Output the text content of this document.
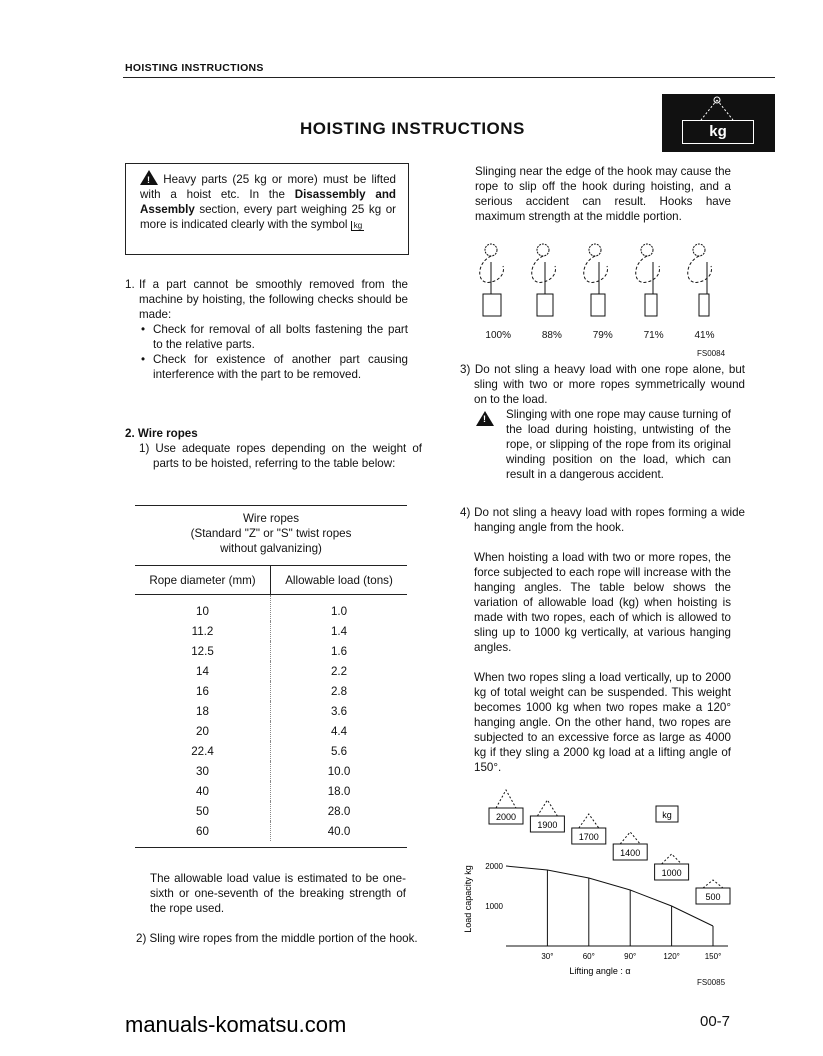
HOISTING INSTRUCTIONS
HOISTING INSTRUCTIONS	kg
! Heavy parts (25 kg or more) must be lifted with a hoist etc. In the Disassembly and Assembly section, every part weighing 25 kg or more is indicated clearly with the symbol kg
1. If a part cannot be smoothly removed from the machine by hoisting, the following checks should be made:
• Check for removal of all bolts fastening the part to the relative parts.
• Check for existence of another part causing interference with the part to be removed.
2. Wire ropes
1) Use adequate ropes depending on the weight of parts to be hoisted, referring to the table below:
Wire ropes
(Standard "Z" or "S" twist ropes
without galvanizing)
Rope diameter (mm)	Allowable load (tons)
10	1.0
11.2	1.4
12.5	1.6
14	2.2
16	2.8
18	3.6
20	4.4
22.4	5.6
30	10.0
40	18.0
50	28.0
60	40.0
The allowable load value is estimated to be one-sixth or one-seventh of the breaking strength of the rope used.
2) Sling wire ropes from the middle portion of the hook.
Slinging near the edge of the hook may cause the rope to slip off the hook during hoisting, and a serious accident can result. Hooks have maximum strength at the middle portion.
100%	88%	79%	71%	41%
FS0084
3) Do not sling a heavy load with one rope alone, but sling with two or more ropes symmetrically wound on to the load.
!
Slinging with one rope may cause turning of the load during hoisting, untwisting of the rope, or slipping of the rope from its original winding position on the load, which can result in a dangerous accident.
4) Do not sling a heavy load with ropes forming a wide hanging angle from the hook.
When hoisting a load with two or more ropes, the force subjected to each rope will increase with the hanging angles. The table below shows the variation of allowable load (kg) when hoisting is made with two ropes, each of which is allowed to sling up to 1000 kg vertically, at various hanging angles.
When two ropes sling a load vertically, up to 2000 kg of total weight can be suspended. This weight becomes 1000 kg when two ropes make a 120° hanging angle. On the other hand, two ropes are subjected to an excessive force as large as 4000 kg if they sling a 2000 kg load at a lifting angle of 150°.
2000
1900
1700
1400
1000
500
30°	60°	90°	120°	150°
1000
2000
Lifting angle : α
Load capacity kg
kg
FS0085
manuals-komatsu.com	00-7
